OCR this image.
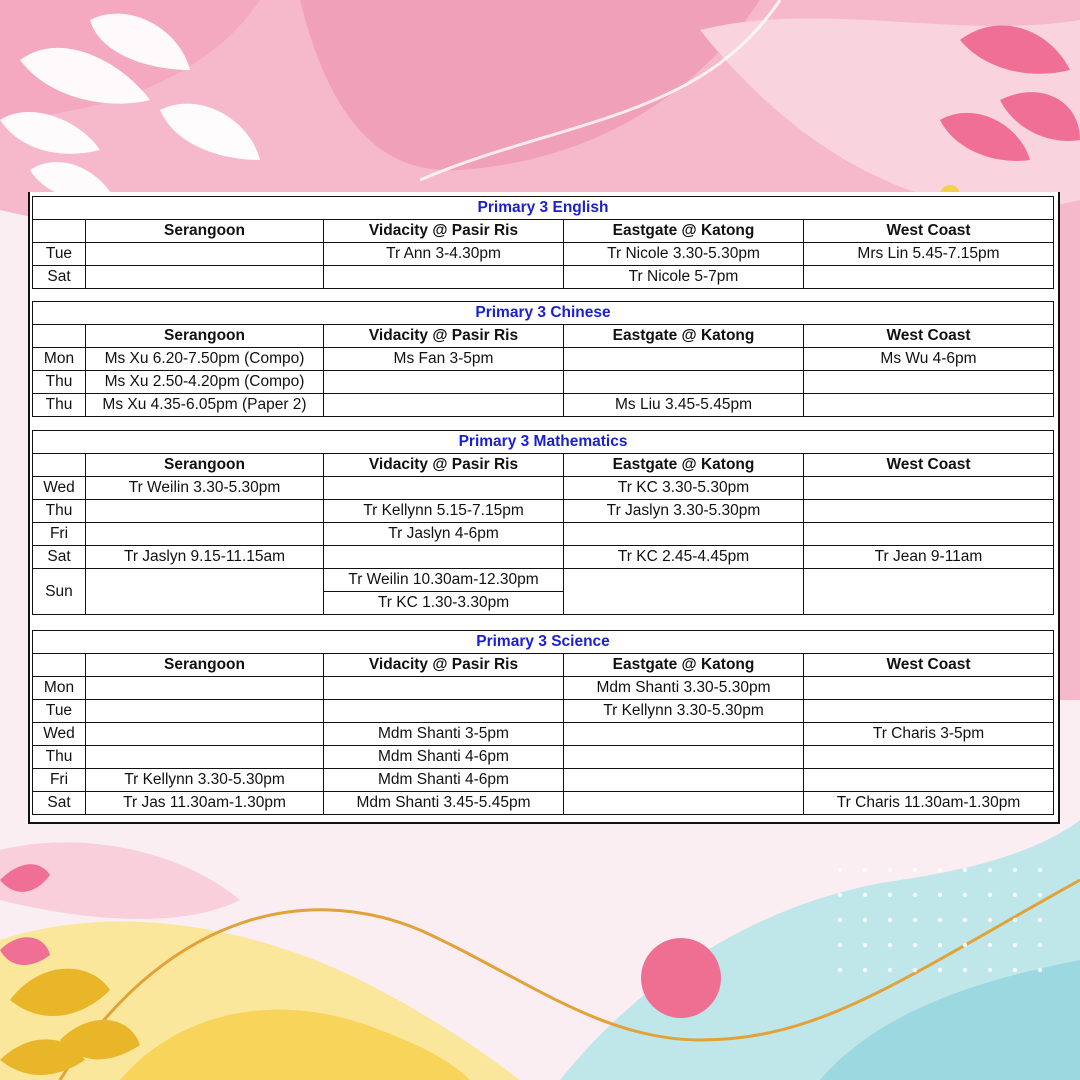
Primary 3 English				
	Serangoon	Vidacity @ Pasir Ris	Eastgate @ Katong	West Coast
Tue		Tr Ann 3-4.30pm	Tr Nicole 3.30-5.30pm	Mrs Lin 5.45-7.15pm
Sat			Tr Nicole 5-7pm	
Primary 3 Chinese				
	Serangoon	Vidacity @ Pasir Ris	Eastgate @ Katong	West Coast
Mon	Ms Xu 6.20-7.50pm (Compo)	Ms Fan 3-5pm		Ms Wu 4-6pm
Thu	Ms Xu 2.50-4.20pm (Compo)			
Thu	Ms Xu 4.35-6.05pm (Paper 2)		Ms Liu 3.45-5.45pm	
Primary 3 Mathematics				
	Serangoon	Vidacity @ Pasir Ris	Eastgate @ Katong	West Coast
Wed	Tr Weilin 3.30-5.30pm		Tr KC 3.30-5.30pm	
Thu		Tr Kellynn 5.15-7.15pm	Tr Jaslyn 3.30-5.30pm	
Fri		Tr Jaslyn 4-6pm		
Sat	Tr Jaslyn 9.15-11.15am		Tr KC 2.45-4.45pm	Tr Jean 9-11am
Sun		Tr Weilin 10.30am-12.30pm		
		Tr KC 1.30-3.30pm		
Primary 3 Science				
	Serangoon	Vidacity @ Pasir Ris	Eastgate @ Katong	West Coast
Mon			Mdm Shanti 3.30-5.30pm	
Tue			Tr Kellynn 3.30-5.30pm	
Wed		Mdm Shanti 3-5pm		Tr Charis 3-5pm
Thu		Mdm Shanti 4-6pm		
Fri	Tr Kellynn 3.30-5.30pm	Mdm Shanti 4-6pm		
Sat	Tr Jas 11.30am-1.30pm	Mdm Shanti 3.45-5.45pm		Tr Charis 11.30am-1.30pm
